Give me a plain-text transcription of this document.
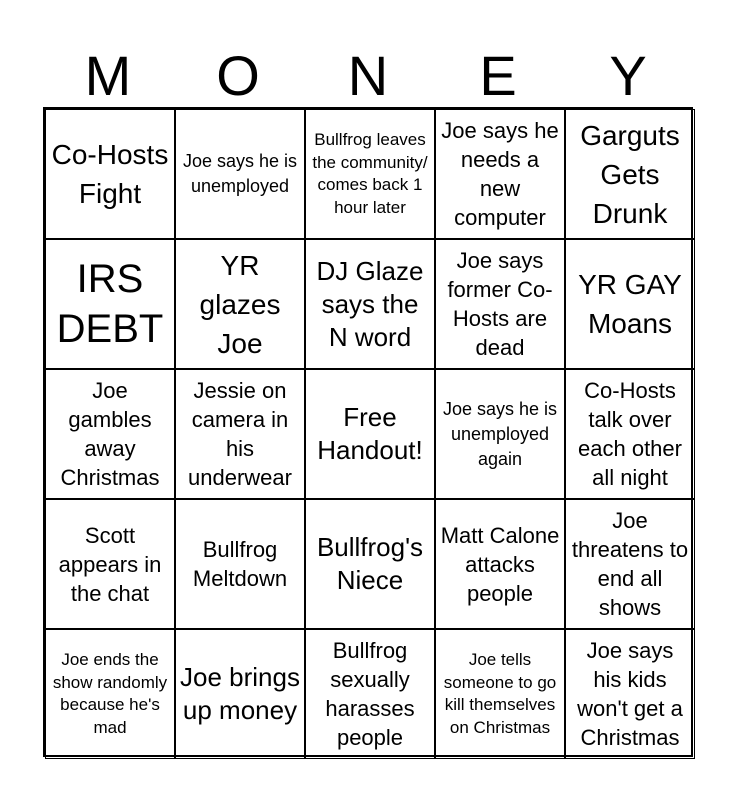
M	O	N	E	Y
Co-Hosts Fight
Joe says he is unemployed
Bullfrog leaves the community/ comes back 1 hour later
Joe says he needs a new computer
Garguts Gets Drunk
IRS DEBT
YR glazes Joe
DJ Glaze says the N word
Joe says former Co-Hosts are dead
YR GAY Moans
Joe gambles away Christmas
Jessie on camera in his underwear
Free Handout!
Joe says he is unemployed again
Co-Hosts talk over each other all night
Scott appears in the chat
Bullfrog Meltdown
Bullfrog's Niece
Matt Calone attacks people
Joe threatens to end all shows
Joe ends the show randomly because he's mad
Joe brings up money
Bullfrog sexually harasses people
Joe tells someone to go kill themselves on Christmas
Joe says his kids won't get a Christmas
